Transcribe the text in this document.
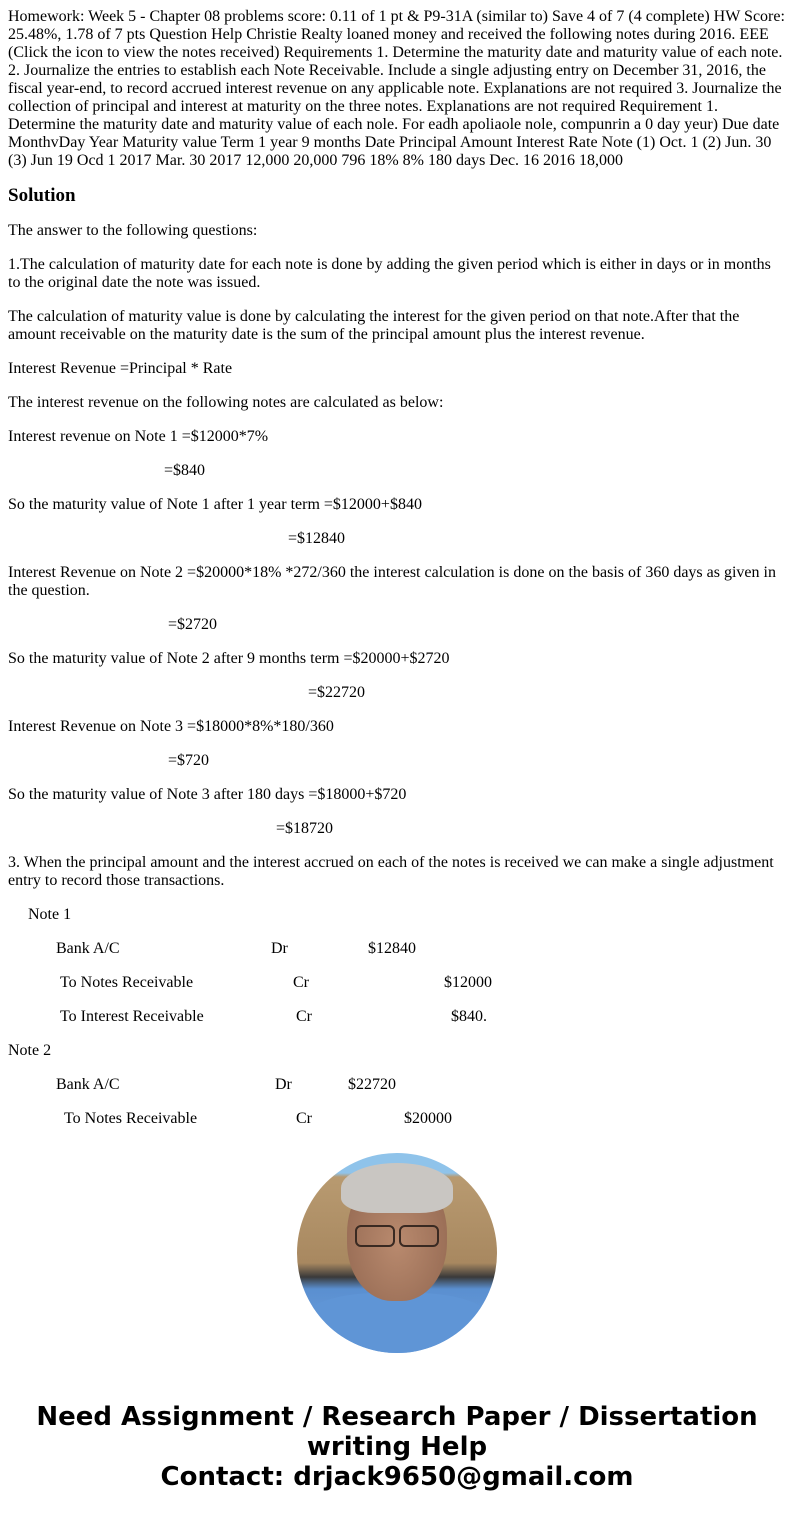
Homework: Week 5 - Chapter 08 problems score: 0.11 of 1 pt & P9-31A (similar to) Save 4 of 7 (4 complete) HW Score: 25.48%, 1.78 of 7 pts Question Help Christie Realty loaned money and received the following notes during 2016. EEE (Click the icon to view the notes received) Requirements 1. Determine the maturity date and maturity value of each note. 2. Journalize the entries to establish each Note Receivable. Include a single adjusting entry on December 31, 2016, the fiscal year-end, to record accrued interest revenue on any applicable note. Explanations are not required 3. Journalize the collection of principal and interest at maturity on the three notes. Explanations are not required Requirement 1. Determine the maturity date and maturity value of each nole. For eadh apoliaole nole, compunrin a 0 day yeur) Due date MonthvDay Year Maturity value Term 1 year 9 months Date Principal Amount Interest Rate Note (1) Oct. 1 (2) Jun. 30 (3) Jun 19 Ocd 1 2017 Mar. 30 2017 12,000 20,000 796 18% 8% 180 days Dec. 16 2016 18,000

Solution

The answer to the following questions:

1.The calculation of maturity date for each note is done by adding the given period which is either in days or in months to the original date the note was issued.

The calculation of maturity value is done by calculating the interest for the given period on that note.After that the amount receivable on the maturity date is the sum of the principal amount plus the interest revenue.

Interest Revenue =Principal * Rate

The interest revenue on the following notes are calculated as below:

Interest revenue on Note 1 =$12000*7%

=$840

So the maturity value of Note 1 after 1 year term =$12000+$840

=$12840

Interest Revenue on Note 2 =$20000*18% *272/360 the interest calculation is done on the basis of 360 days as given in the question.

=$2720

So the maturity value of Note 2 after 9 months term =$20000+$2720

=$22720

Interest Revenue on Note 3 =$18000*8%*180/360

=$720

So the maturity value of Note 3 after 180 days =$18000+$720

=$18720

3. When the principal amount and the interest accrued on each of the notes is received we can make a single adjustment entry to record those transactions.

Note 1

Bank A/C	Dr	$12840
To Notes Receivable	Cr	$12000
To Interest Receivable	Cr	$840.

Note 2

Bank A/C	Dr	$22720
To Notes Receivable	Cr	$20000
Need Assignment / Research Paper / Dissertation
writing Help
Contact: drjack9650@gmail.com
